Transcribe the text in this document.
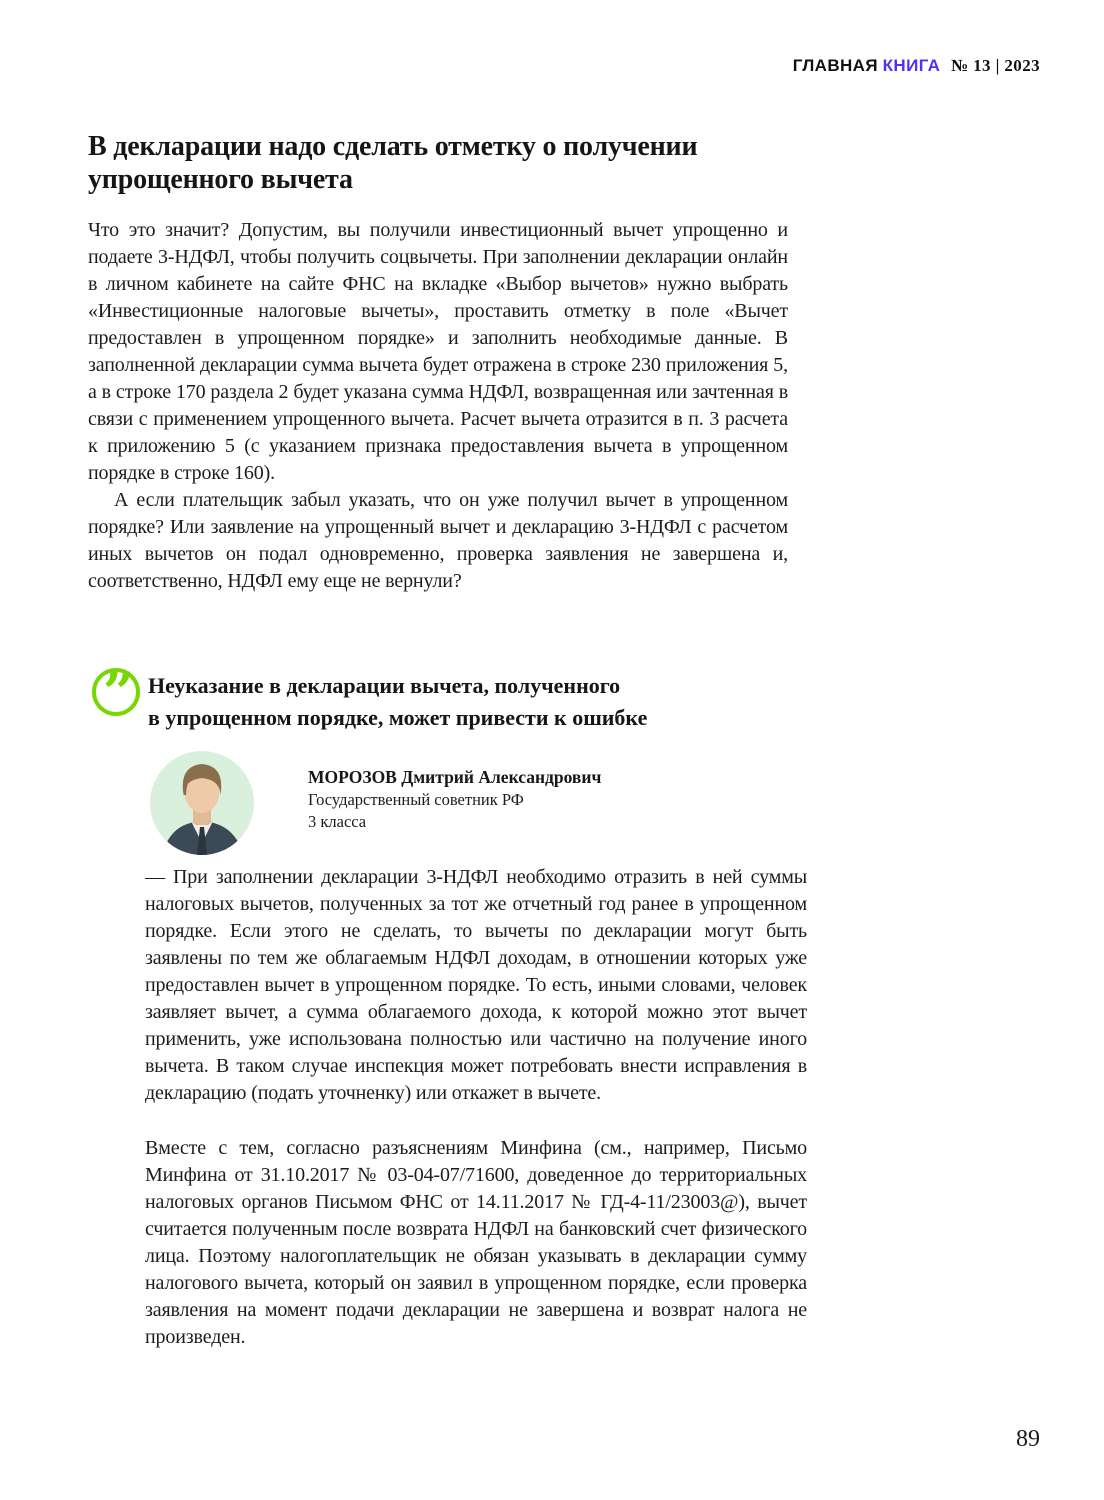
ГЛАВНАЯ КНИГА № 13 | 2023
В декларации надо сделать отметку о получении
упрощенного вычета

Что это значит? Допустим, вы получили инвестиционный вычет упрощенно и подаете 3-НДФЛ, чтобы получить соцвычеты. При заполнении декларации онлайн в личном кабинете на сайте ФНС на вкладке «Выбор вычетов» нужно выбрать «Инвестиционные налоговые вычеты», проставить отметку в поле «Вычет предоставлен в упрощенном порядке» и заполнить необходимые данные. В заполненной декларации сумма вычета будет отражена в строке 230 приложения 5, а в строке 170 раздела 2 будет указана сумма НДФЛ, возвращенная или зачтенная в связи с применением упрощенного вычета. Расчет вычета отразится в п. 3 расчета к приложению 5 (с указанием признака предоставления вычета в упрощенном порядке в строке 160).

А если плательщик забыл указать, что он уже получил вычет в упрощенном порядке? Или заявление на упрощенный вычет и декларацию 3-НДФЛ с расчетом иных вычетов он подал одновременно, проверка заявления не завершена и, соответственно, НДФЛ ему еще не вернули?

” Неуказание в декларации вычета, полученного
в упрощенном порядке, может привести к ошибке
МОРОЗОВ Дмитрий Александрович
Государственный советник РФ
3 класса

— При заполнении декларации 3-НДФЛ необходимо отразить в ней суммы налоговых вычетов, полученных за тот же отчетный год ранее в упрощенном порядке. Если этого не сделать, то вычеты по декларации могут быть заявлены по тем же облагаемым НДФЛ доходам, в отношении которых уже предоставлен вычет в упрощенном порядке. То есть, иными словами, человек заявляет вычет, а сумма облагаемого дохода, к которой можно этот вычет применить, уже использована полностью или частично на получение иного вычета. В таком случае инспекция может потребовать внести исправления в декларацию (подать уточненку) или откажет в вычете.

Вместе с тем, согласно разъяснениям Минфина (см., например, Письмо Минфина от 31.10.2017 № 03-04-07/71600, доведенное до территориальных налоговых органов Письмом ФНС от 14.11.2017 № ГД-4-11/23003@), вычет считается полученным после возврата НДФЛ на банковский счет физического лица. Поэтому налогоплательщик не обязан указывать в декларации сумму налогового вычета, который он заявил в упрощенном порядке, если проверка заявления на момент подачи декларации не завершена и возврат налога не произведен.

89
